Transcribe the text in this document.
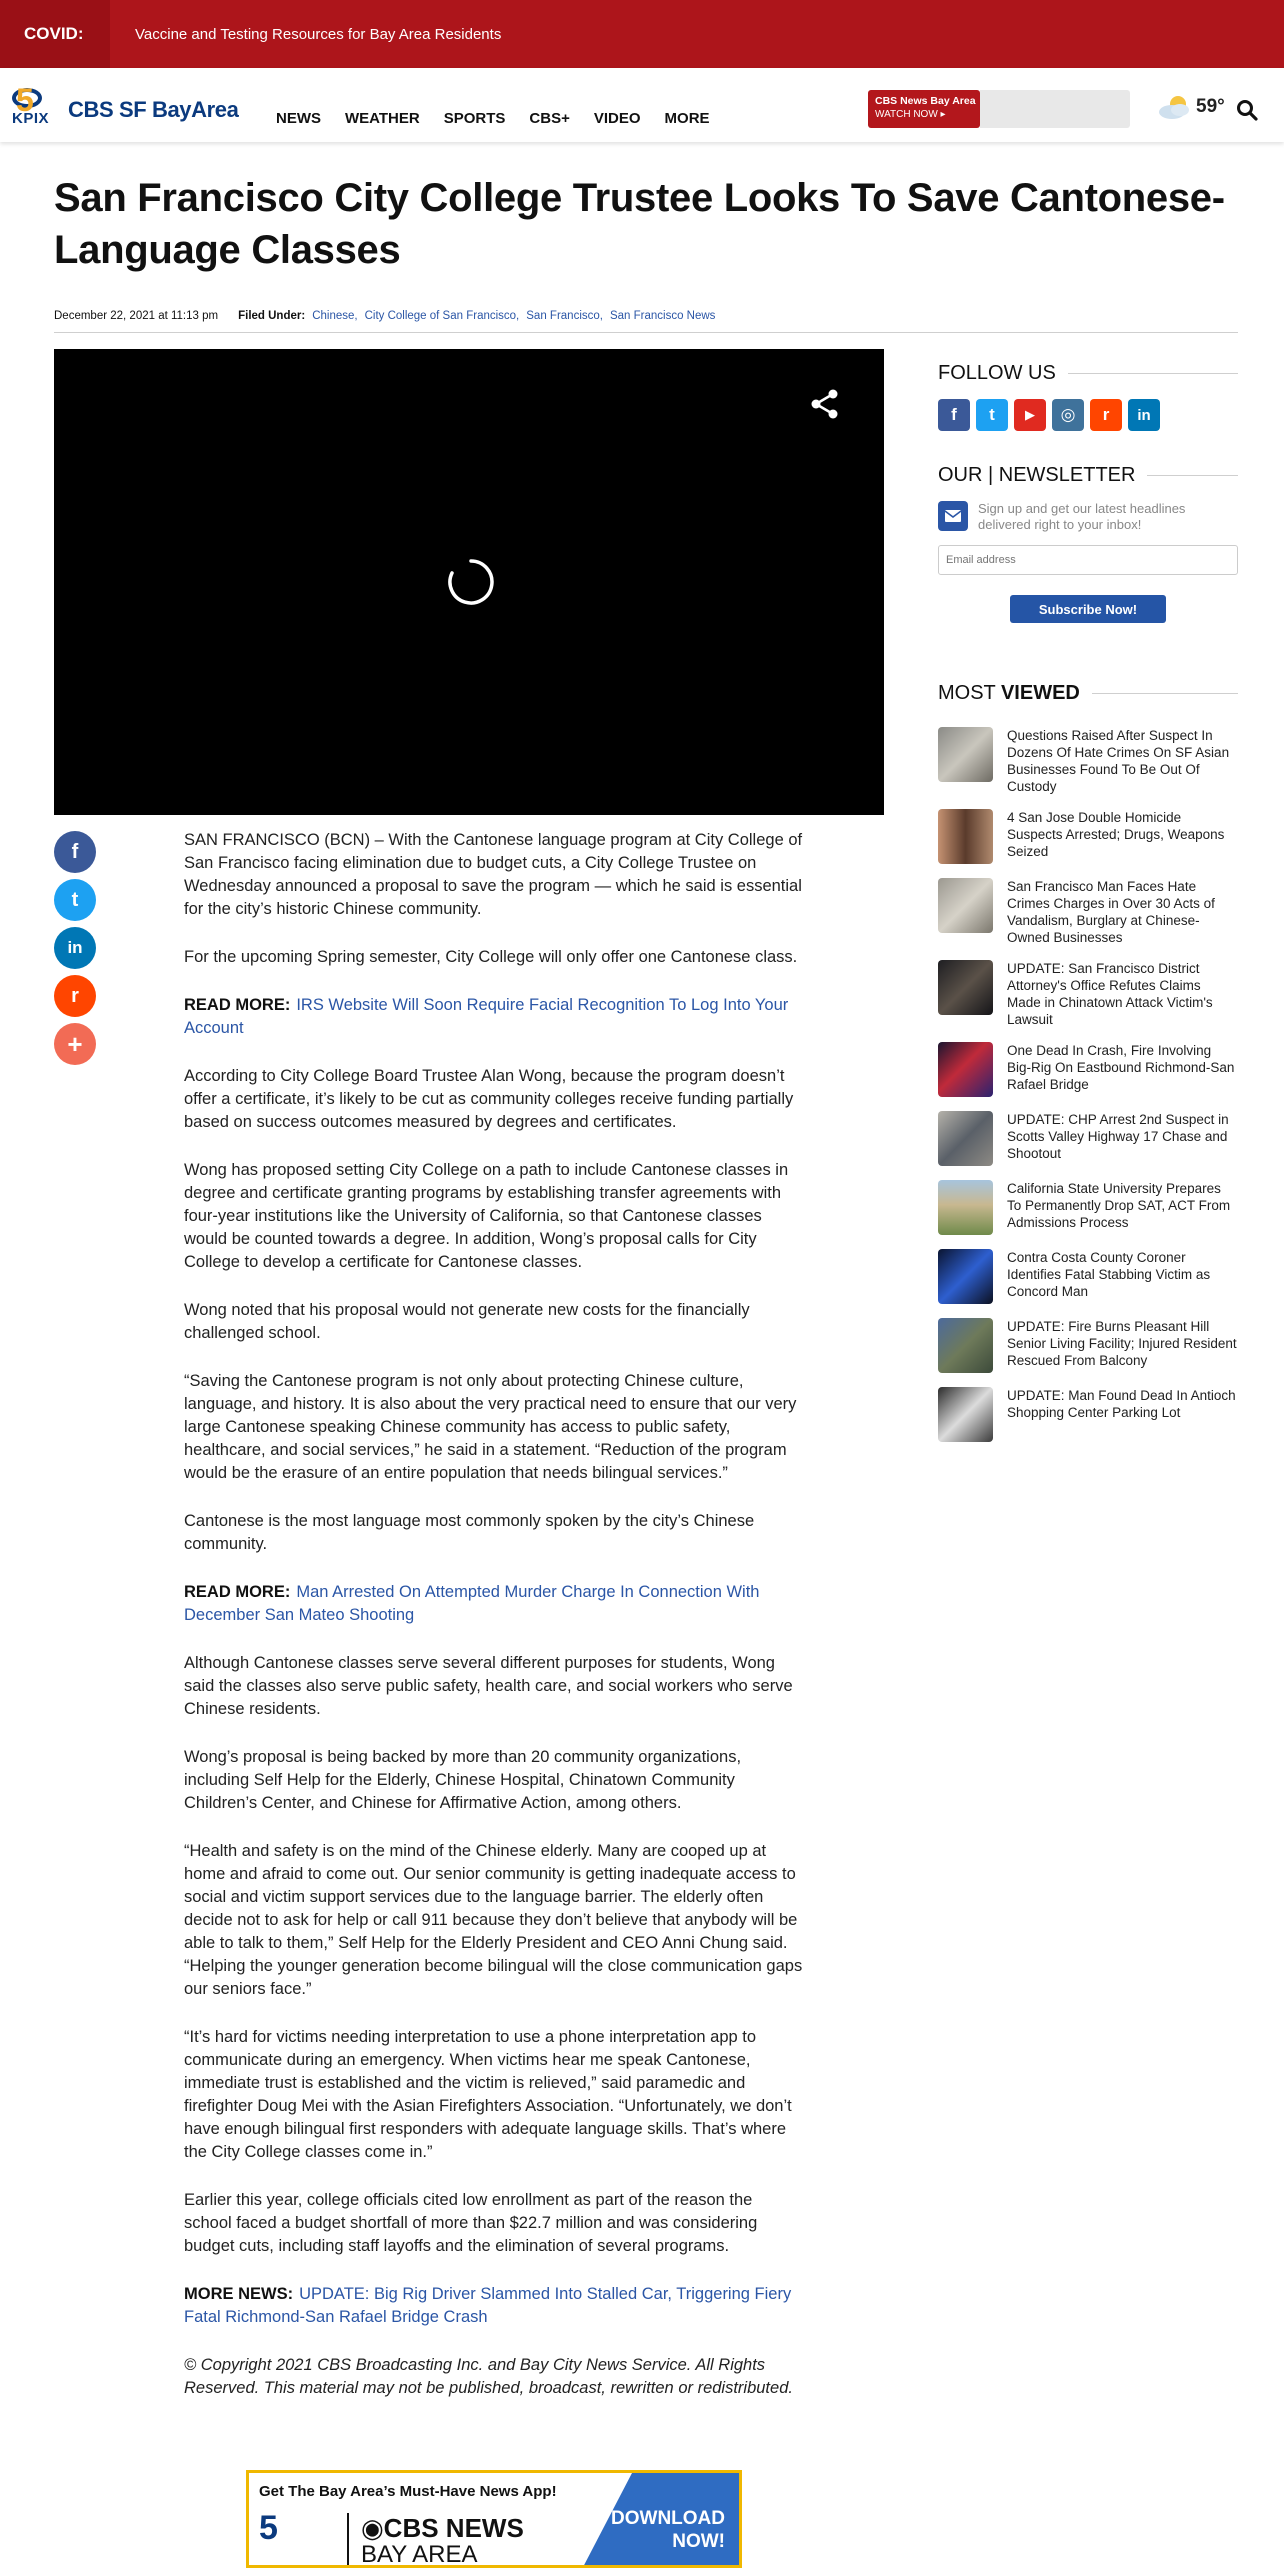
COVID:	Vaccine and Testing Resources for Bay Area Residents
5
KPIX CBS SF BayArea	NEWS WEATHER SPORTS CBS+ VIDEO MORE
CBS News Bay Area
WATCH NOW ▸	59°
San Francisco City College Trustee Looks To Save Cantonese-Language Classes
December 22, 2021 at 11:13 pm Filed Under: Chinese, City College of San Francisco, San Francisco, San Francisco News
f
t
in
r
+

SAN FRANCISCO (BCN) – With the Cantonese language program at City College of San Francisco facing elimination due to budget cuts, a City College Trustee on Wednesday announced a proposal to save the program — which he said is essential for the city’s historic Chinese community.

For the upcoming Spring semester, City College will only offer one Cantonese class.

READ MORE: IRS Website Will Soon Require Facial Recognition To Log Into Your Account

According to City College Board Trustee Alan Wong, because the program doesn’t offer a certificate, it’s likely to be cut as community colleges receive funding partially based on success outcomes measured by degrees and certificates.

Wong has proposed setting City College on a path to include Cantonese classes in degree and certificate granting programs by establishing transfer agreements with four-year institutions like the University of California, so that Cantonese classes would be counted towards a degree. In addition, Wong’s proposal calls for City College to develop a certificate for Cantonese classes.

Wong noted that his proposal would not generate new costs for the financially challenged school.

“Saving the Cantonese program is not only about protecting Chinese culture, language, and history. It is also about the very practical need to ensure that our very large Cantonese speaking Chinese community has access to public safety, healthcare, and social services,” he said in a statement. “Reduction of the program would be the erasure of an entire population that needs bilingual services.”

Cantonese is the most language most commonly spoken by the city’s Chinese community.

READ MORE: Man Arrested On Attempted Murder Charge In Connection With December San Mateo Shooting

Although Cantonese classes serve several different purposes for students, Wong said the classes also serve public safety, health care, and social workers who serve Chinese residents.

Wong’s proposal is being backed by more than 20 community organizations, including Self Help for the Elderly, Chinese Hospital, Chinatown Community Children’s Center, and Chinese for Affirmative Action, among others.

“Health and safety is on the mind of the Chinese elderly. Many are cooped up at home and afraid to come out. Our senior community is getting inadequate access to social and victim support services due to the language barrier. The elderly often decide not to ask for help or call 911 because they don’t believe that anybody will be able to talk to them,” Self Help for the Elderly President and CEO Anni Chung said. “Helping the younger generation become bilingual will the close communication gaps our seniors face.”

“It’s hard for victims needing interpretation to use a phone interpretation app to communicate during an emergency. When victims hear me speak Cantonese, immediate trust is established and the victim is relieved,” said paramedic and firefighter Doug Mei with the Asian Firefighters Association. “Unfortunately, we don’t have enough bilingual first responders with adequate language skills. That’s where the City College classes come in.”

Earlier this year, college officials cited low enrollment as part of the reason the school faced a budget shortfall of more than $22.7 million and was considering budget cuts, including staff layoffs and the elimination of several programs.

MORE NEWS: UPDATE: Big Rig Driver Slammed Into Stalled Car, Triggering Fiery Fatal Richmond-San Rafael Bridge Crash

© Copyright 2021 CBS Broadcasting Inc. and Bay City News Service. All Rights Reserved. This material may not be published, broadcast, rewritten or redistributed.

Get The Bay Area’s Must-Have News App!
5	◉CBS NEWS
BAY AREA
DOWNLOAD
NOW!
FOLLOW US
f	t	▶	◎	r	in
OUR | NEWSLETTER
Sign up and get our latest headlines delivered right to your inbox!
Email address
Subscribe Now!
MOST VIEWED
Questions Raised After Suspect In Dozens Of Hate Crimes On SF Asian Businesses Found To Be Out Of Custody
4 San Jose Double Homicide Suspects Arrested; Drugs, Weapons Seized
San Francisco Man Faces Hate Crimes Charges in Over 30 Acts of Vandalism, Burglary at Chinese-Owned Businesses
UPDATE: San Francisco District Attorney's Office Refutes Claims Made in Chinatown Attack Victim's Lawsuit
One Dead In Crash, Fire Involving Big-Rig On Eastbound Richmond-San Rafael Bridge
UPDATE: CHP Arrest 2nd Suspect in Scotts Valley Highway 17 Chase and Shootout
California State University Prepares To Permanently Drop SAT, ACT From Admissions Process
Contra Costa County Coroner Identifies Fatal Stabbing Victim as Concord Man
UPDATE: Fire Burns Pleasant Hill Senior Living Facility; Injured Resident Rescued From Balcony
UPDATE: Man Found Dead In Antioch Shopping Center Parking Lot
